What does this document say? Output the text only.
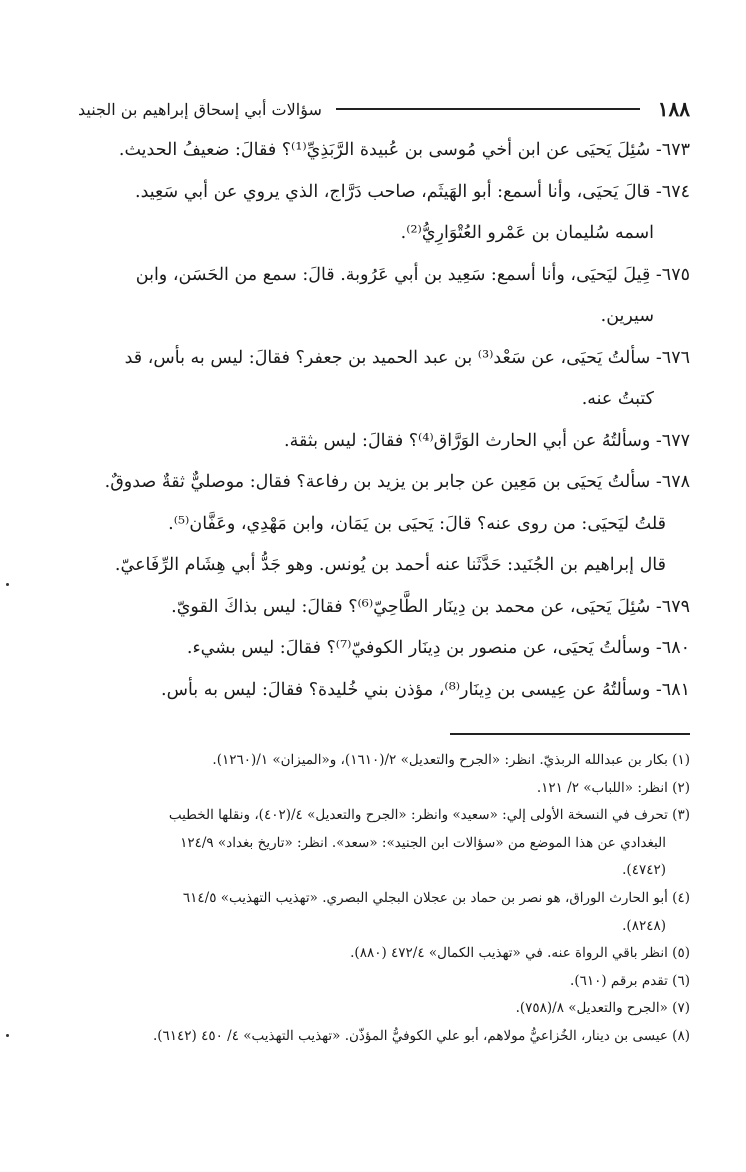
١٨٨
سؤالات أبي إسحاق إبراهيم بن الجنيد
٦٧٣- سُئِلَ يَحيَى عن ابن أخي مُوسى بن عُبيدة الرَّبَذِيِّ⁽¹⁾؟ فقالَ: ضعيفُ الحديث.
٦٧٤- قالَ يَحيَى، وأنا أسمع: أبو الهَيثَم، صاحب دَرَّاج، الذي يروي عن أبي سَعِيد.
اسمه سُليمان بن عَمْرو العُتْوَارِيُّ⁽²⁾.
٦٧٥- قِيلَ ليَحيَى، وأنا أسمع: سَعِيد بن أبي عَرُوبة. قالَ: سمع من الحَسَن، وابن
سيرين.
٦٧٦- سألتُ يَحيَى، عن سَعْد⁽³⁾ بن عبد الحميد بن جعفر؟ فقالَ: ليس به بأس، قد
كتبتُ عنه.
٦٧٧- وسألتُهُ عن أبي الحارث الوَرَّاق⁽⁴⁾؟ فقالَ: ليس بثقة.
٦٧٨- سألتُ يَحيَى بن مَعِين عن جابر بن يزيد بن رفاعة؟ فقال: موصليٌّ ثقةٌ صدوقٌ.
قلتُ ليَحيَى: من روى عنه؟ قالَ: يَحيَى بن يَمَان، وابن مَهْدِي، وعَفَّان⁽⁵⁾.
قال إبراهيم بن الجُنَيد: حَدَّثَنا عنه أحمد بن يُونس. وهو جَدُّ أبي هِشَام الرِّفَاعيّ.
٦٧٩- سُئِلَ يَحيَى، عن محمد بن دِينَار الطَّاحِيّ⁽⁶⁾؟ فقالَ: ليس بذاكَ القويّ.
٦٨٠- وسألتُ يَحيَى، عن منصور بن دِينَار الكوفيّ⁽⁷⁾؟ فقالَ: ليس بشيء.
٦٨١- وسألتُهُ عن عِيسى بن دِينَار⁽⁸⁾، مؤذن بني خُليدة؟ فقالَ: ليس به بأس.
(١) بكار بن عبدالله الربذيّ. انظر: «الجرح والتعديل» ٢/(١٦١٠)، و«الميزان» ١/(١٢٦٠).
(٢) انظر: «اللباب» ٢/ ١٢١.
(٣) تحرف في النسخة الأولى إلي: «سعيد» وانظر: «الجرح والتعديل» ٤/(٤٠٢)، ونقلها الخطيب
البغدادي عن هذا الموضع من «سؤالات ابن الجنيد»: «سعد». انظر: «تاريخ بغداد» ١٢٤/٩
(٤٧٤٢).
(٤) أبو الحارث الوراق، هو نصر بن حماد بن عجلان البجلي البصري. «تهذيب التهذيب» ٦١٤/٥
(٨٢٤٨).
(٥) انظر باقي الرواة عنه. في «تهذيب الكمال» ٤٧٢/٤ (٨٨٠).
(٦) تقدم برقم (٦١٠).
(٧) «الجرح والتعديل» ٨/(٧٥٨).
(٨) عيسى بن دينار، الخُزاعيُّ مولاهم، أبو علي الكوفيُّ المؤذّن. «تهذيب التهذيب» ٤/ ٤٥٠ (٦١٤٢).
